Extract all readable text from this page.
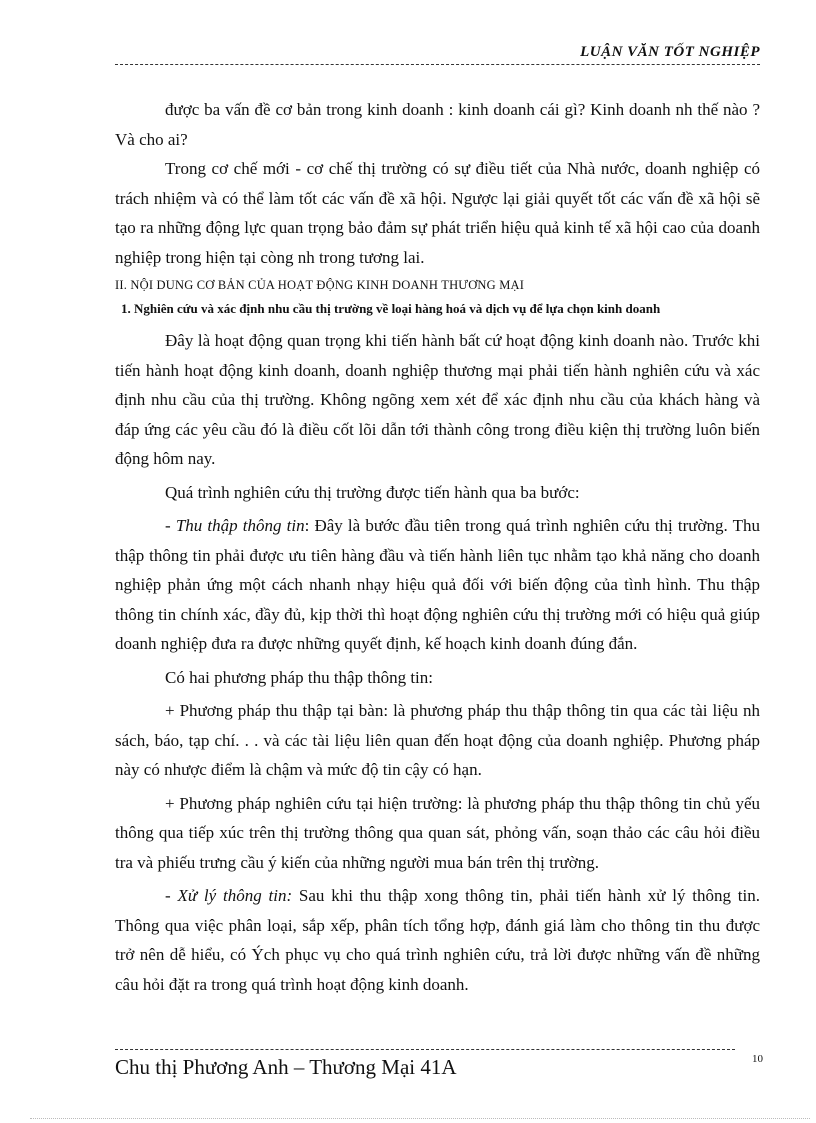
LUẬN VĂN TỐT NGHIỆP

được ba vấn đề cơ bản trong kinh doanh : kinh doanh cái gì? Kinh doanh nh thế nào ? Và cho ai?

Trong cơ chế mới - cơ chế thị trường có sự điều tiết của Nhà nước, doanh nghiệp có trách nhiệm và có thể làm tốt các vấn đề xã hội. Ngược lại giải quyết tốt các vấn đề xã hội sẽ tạo ra những động lực quan trọng bảo đảm sự phát triển hiệu quả kinh tế xã hội cao của doanh nghiệp trong hiện tại còng nh trong tương lai.

II. NỘI DUNG CƠ BẢN CỦA HOẠT ĐỘNG KINH DOANH THƯƠNG MẠI

1. Nghiên cứu và xác định nhu cầu thị trường về loại hàng hoá và dịch vụ để lựa chọn kinh doanh

Đây là hoạt động quan trọng khi tiến hành bất cứ hoạt động kinh doanh nào. Trước khi tiến hành hoạt động kinh doanh, doanh nghiệp thương mại phải tiến hành nghiên cứu và xác định nhu cầu của thị trường. Không ngõng xem xét để xác định nhu cầu của khách hàng và đáp ứng các yêu cầu đó là điều cốt lõi dẫn tới thành công trong điều kiện thị trường luôn biến động hôm nay.

Quá trình nghiên cứu thị trường được tiến hành qua ba bước:

- Thu thập thông tin: Đây là bước đầu tiên trong quá trình nghiên cứu thị trường. Thu thập thông tin phải được ưu tiên hàng đầu và tiến hành liên tục nhằm tạo khả năng cho doanh nghiệp phản ứng một cách nhanh nhạy hiệu quả đối với biến động của tình hình. Thu thập thông tin chính xác, đầy đủ, kịp thời thì hoạt động nghiên cứu thị trường mới có hiệu quả giúp doanh nghiệp đưa ra được những quyết định, kế hoạch kinh doanh đúng đắn.

Có hai phương pháp thu thập thông tin:

+ Phương pháp thu thập tại bàn: là phương pháp thu thập thông tin qua các tài liệu nh sách, báo, tạp chí. . . và các tài liệu liên quan đến hoạt động của doanh nghiệp. Phương pháp này có nhược điểm là chậm và mức độ tin cậy có hạn.

+ Phương pháp nghiên cứu tại hiện trường: là phương pháp thu thập thông tin chủ yếu thông qua tiếp xúc trên thị trường thông qua quan sát, phỏng vấn, soạn thảo các câu hỏi điều tra và phiếu trưng cầu ý kiến của những người mua bán trên thị trường.

- Xử lý thông tin: Sau khi thu thập xong thông tin, phải tiến hành xử lý thông tin. Thông qua việc phân loại, sắp xếp, phân tích tổng hợp, đánh giá làm cho thông tin thu được trở nên dễ hiểu, có Ých phục vụ cho quá trình nghiên cứu, trả lời được những vấn đề những câu hỏi đặt ra trong quá trình hoạt động kinh doanh.

Chu thị Phương Anh – Thương Mại 41A	10
